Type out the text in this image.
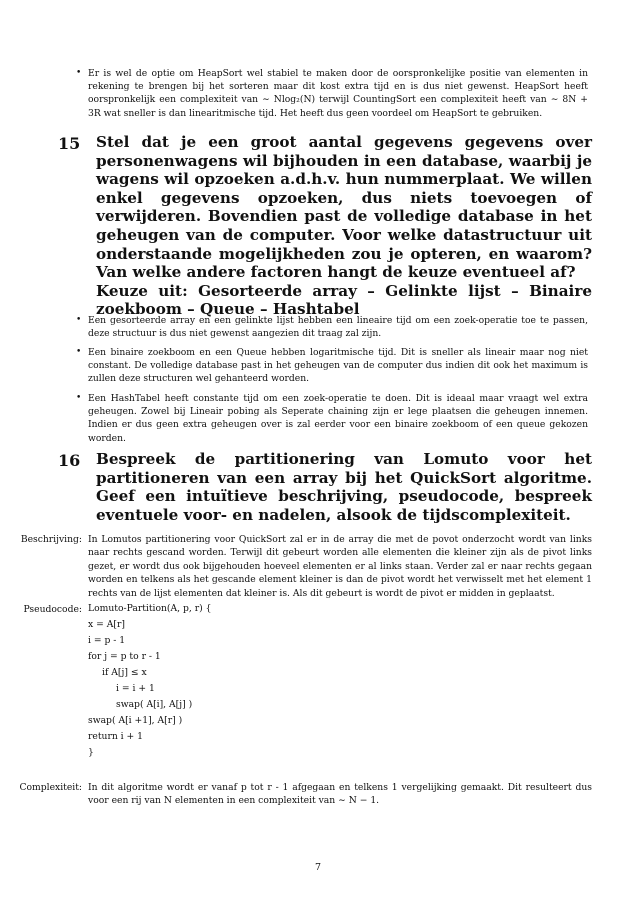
• Er is wel de optie om HeapSort wel stabiel te maken door de oorspronkelijke positie van elementen in rekening te brengen bij het sorteren maar dit kost extra tijd en is dus niet gewenst. HeapSort heeft oorspronkelijk een complexiteit van ∼ Nlog₂(N) terwijl CountingSort een complexiteit heeft van ∼ 8N + 3R wat sneller is dan linearitmische tijd. Het heeft dus geen voordeel om HeapSort te gebruiken.
15 Stel dat je een groot aantal gegevens gegevens over personenwagens wil bijhouden in een database, waarbij je wagens wil opzoeken a.d.h.v. hun nummerplaat. We willen enkel gegevens opzoeken, dus niets toevoegen of verwijderen. Bovendien past de volledige database in het geheugen van de computer. Voor welke datastructuur uit onderstaande mogelijkheden zou je opteren, en waarom? Van welke andere factoren hangt de keuze eventueel af?
Keuze uit: Gesorteerde array – Gelinkte lijst – Binaire zoekboom – Queue – Hashtabel
• Een gesorteerde array en een gelinkte lijst hebben een lineaire tijd om een zoek-operatie toe te passen, deze structuur is dus niet gewenst aangezien dit traag zal zijn.
• Een binaire zoekboom en een Queue hebben logaritmische tijd. Dit is sneller als lineair maar nog niet constant. De volledige database past in het geheugen van de computer dus indien dit ook het maximum is zullen deze structuren wel gehanteerd worden.
• Een HashTabel heeft constante tijd om een zoek-operatie te doen. Dit is ideaal maar vraagt wel extra geheugen. Zowel bij Lineair pobing als Seperate chaining zijn er lege plaatsen die geheugen innemen. Indien er dus geen extra geheugen over is zal eerder voor een binaire zoekboom of een queue gekozen worden.
16 Bespreek de partitionering van Lomuto voor het partitioneren van een array bij het QuickSort algoritme. Geef een intuïtieve beschrijving, pseudocode, bespreek eventuele voor- en nadelen, alsook de tijdscomplexiteit.
Beschrijving: In Lomutos partitionering voor QuickSort zal er in de array die met de povot onderzocht wordt van links naar rechts gescand worden. Terwijl dit gebeurt worden alle elementen die kleiner zijn als de pivot links gezet, er wordt dus ook bijgehouden hoeveel elementen er al links staan. Verder zal er naar rechts gegaan worden en telkens als het gescande element kleiner is dan de pivot wordt het verwisselt met het element 1 rechts van de lijst elementen dat kleiner is. Als dit gebeurt is wordt de pivot er midden in geplaatst.
Pseudocode: Lomuto-Partition(A, p, r) {
x = A[r]
i = p - 1
for j = p to r - 1
if A[j] ≤ x
i = i + 1
swap( A[i], A[j] )
swap( A[i +1], A[r] )
return i + 1
}
Complexiteit: In dit algoritme wordt er vanaf p tot r - 1 afgegaan en telkens 1 vergelijking gemaakt. Dit resulteert dus voor een rij van N elementen in een complexiteit van ∼ N − 1.
7
